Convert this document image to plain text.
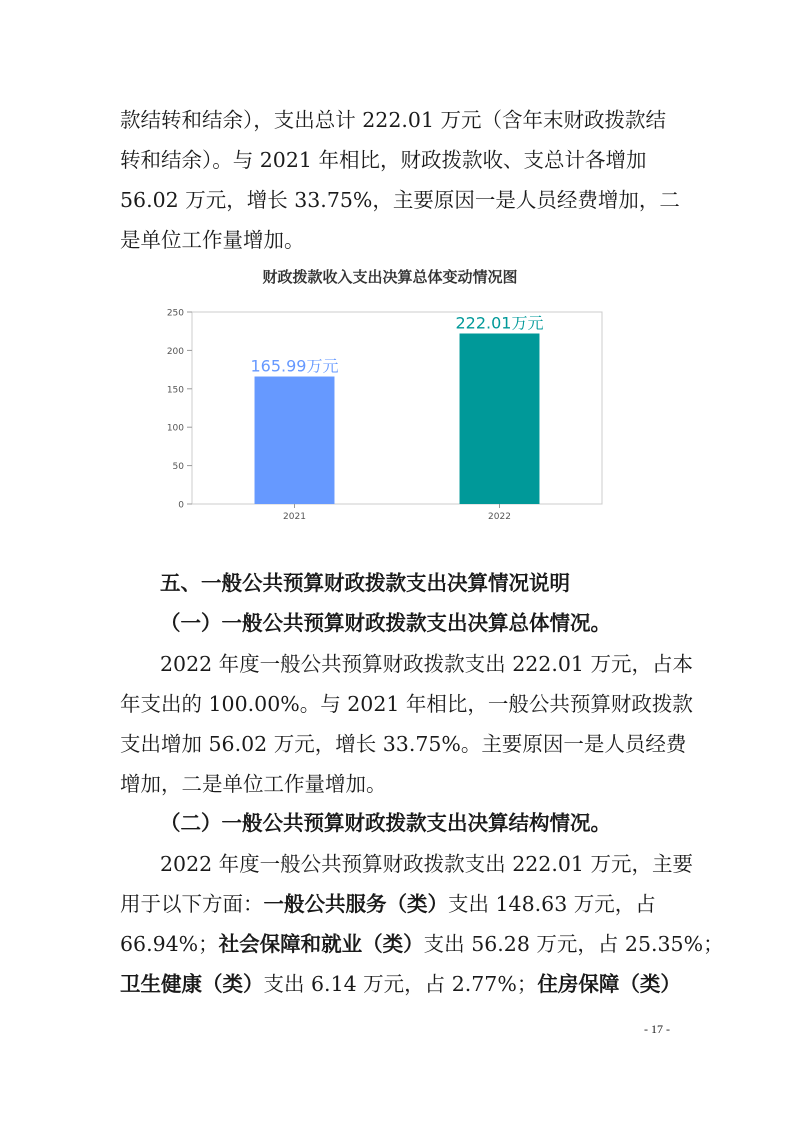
款结转和结余），支出总计 222.01 万元（含年末财政拨款结
转和结余）。与 2021 年相比，财政拨款收、支总计各增加
56.02 万元，增长 33.75%，主要原因一是人员经费增加，二
是单位工作量增加。
财政拨款收入支出决算总体变动情况图
0
50
100
150
200
250
165.99万元
222.01万元
2021	2022
五、一般公共预算财政拨款支出决算情况说明
（一）一般公共预算财政拨款支出决算总体情况。
2022 年度一般公共预算财政拨款支出 222.01 万元，占本
年支出的 100.00%。与 2021 年相比，一般公共预算财政拨款
支出增加 56.02 万元，增长 33.75%。主要原因一是人员经费
增加，二是单位工作量增加。
（二）一般公共预算财政拨款支出决算结构情况。
2022 年度一般公共预算财政拨款支出 222.01 万元，主要
用于以下方面：一般公共服务（类）支出 148.63 万元，占
66.94%；社会保障和就业（类）支出 56.28 万元，占 25.35%；
卫生健康（类）支出 6.14 万元，占 2.77%；住房保障（类）
- 17 -
